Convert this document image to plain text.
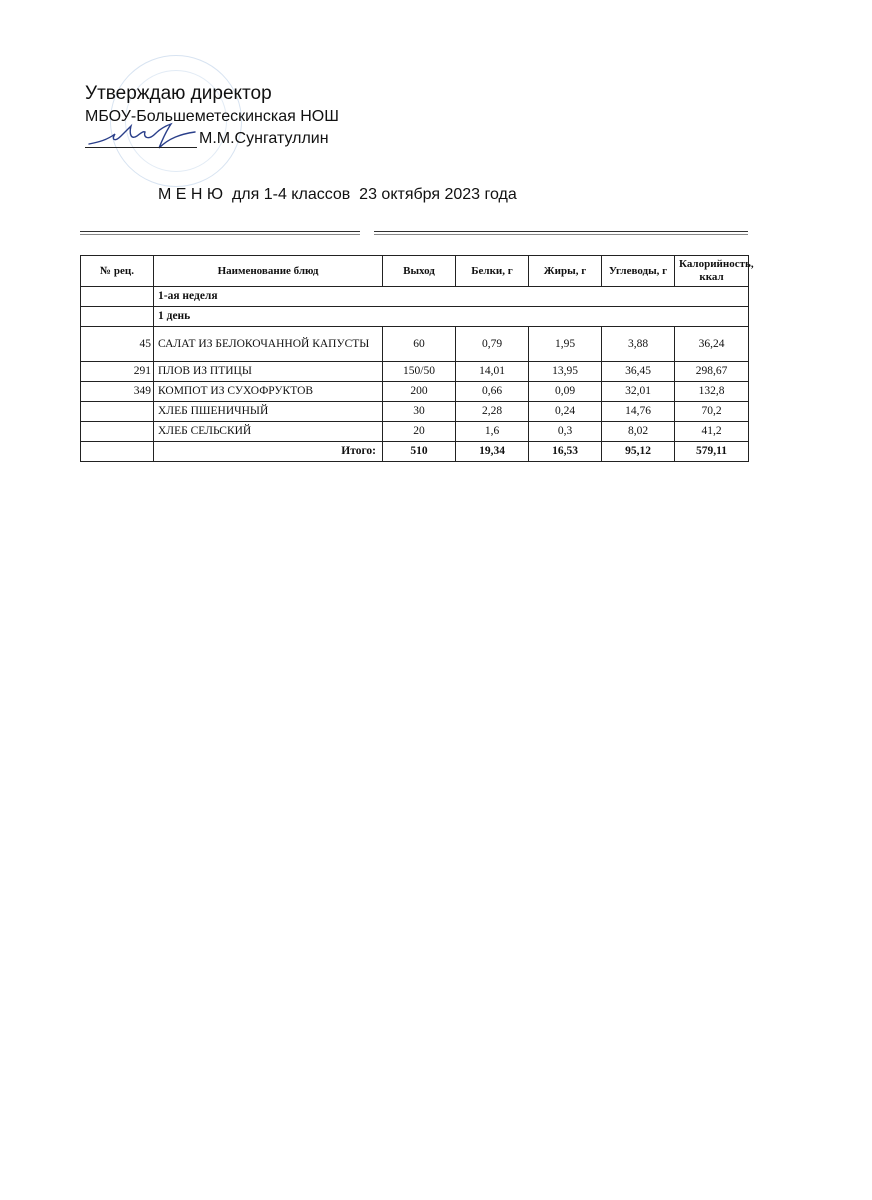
Утверждаю директор
МБОУ-Большеметескинская НОШ
М.М.Сунгатуллин
М Е Н Ю  для 1-4 классов  23 октября 2023 года
№ рец.	Наименование блюд	Выход	Белки, г	Жиры, г	Углеводы, г	Калорийность, ккал
	1-ая неделя					
	1 день					
45	САЛАТ ИЗ БЕЛОКОЧАННОЙ КАПУСТЫ	60	0,79	1,95	3,88	36,24
291	ПЛОВ ИЗ ПТИЦЫ	150/50	14,01	13,95	36,45	298,67
349	КОМПОТ ИЗ СУХОФРУКТОВ	200	0,66	0,09	32,01	132,8
	ХЛЕБ ПШЕНИЧНЫЙ	30	2,28	0,24	14,76	70,2
	ХЛЕБ СЕЛЬСКИЙ	20	1,6	0,3	8,02	41,2
	Итого:	510	19,34	16,53	95,12	579,11
